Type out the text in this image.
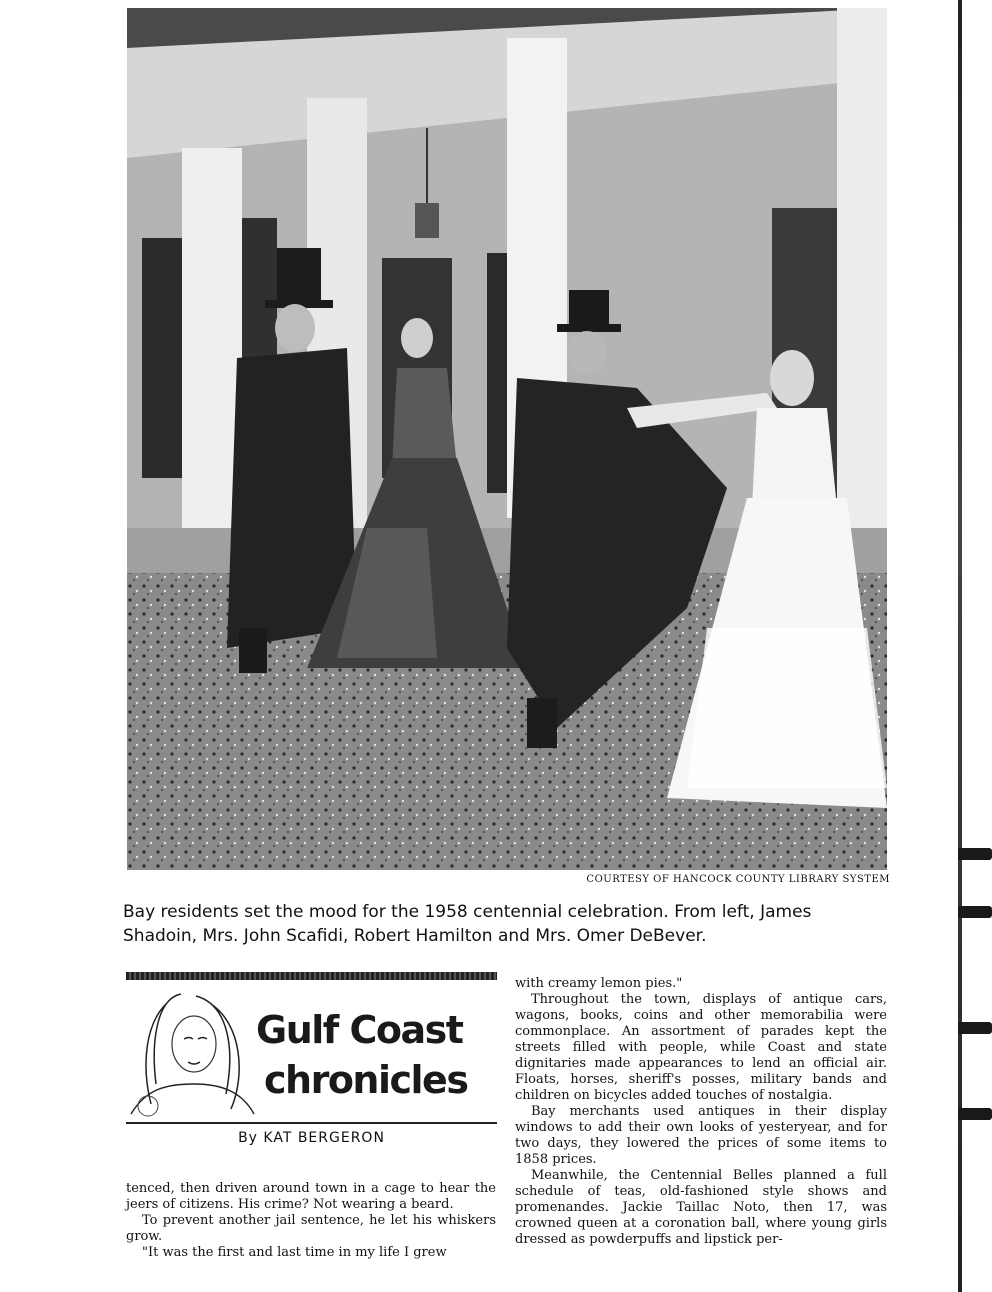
COURTESY OF HANCOCK COUNTY LIBRARY SYSTEM
Bay residents set the mood for the 1958 centennial celebration. From left, James
Shadoin, Mrs. John Scafidi, Robert Hamilton and Mrs. Omer DeBever.
Gulf Coast
chronicles
By KAT BERGERON

tenced, then driven around town in a cage to hear the jeers of citizens. His crime? Not wearing a beard.

To prevent another jail sentence, he let his whiskers grow.

"It was the first and last time in my life I grew

with creamy lemon pies."

Throughout the town, displays of antique cars, wagons, books, coins and other memorabilia were commonplace. An assortment of parades kept the streets filled with people, while Coast and state dignitaries made appearances to lend an official air. Floats, horses, sheriff's posses, military bands and children on bicycles added touches of nostalgia.

Bay merchants used antiques in their display windows to add their own looks of yesteryear, and for two days, they lowered the prices of some items to 1858 prices.

Meanwhile, the Centennial Belles planned a full schedule of teas, old-fashioned style shows and promenandes. Jackie Taillac Noto, then 17, was crowned queen at a coronation ball, where young girls dressed as powderpuffs and lipstick per-
